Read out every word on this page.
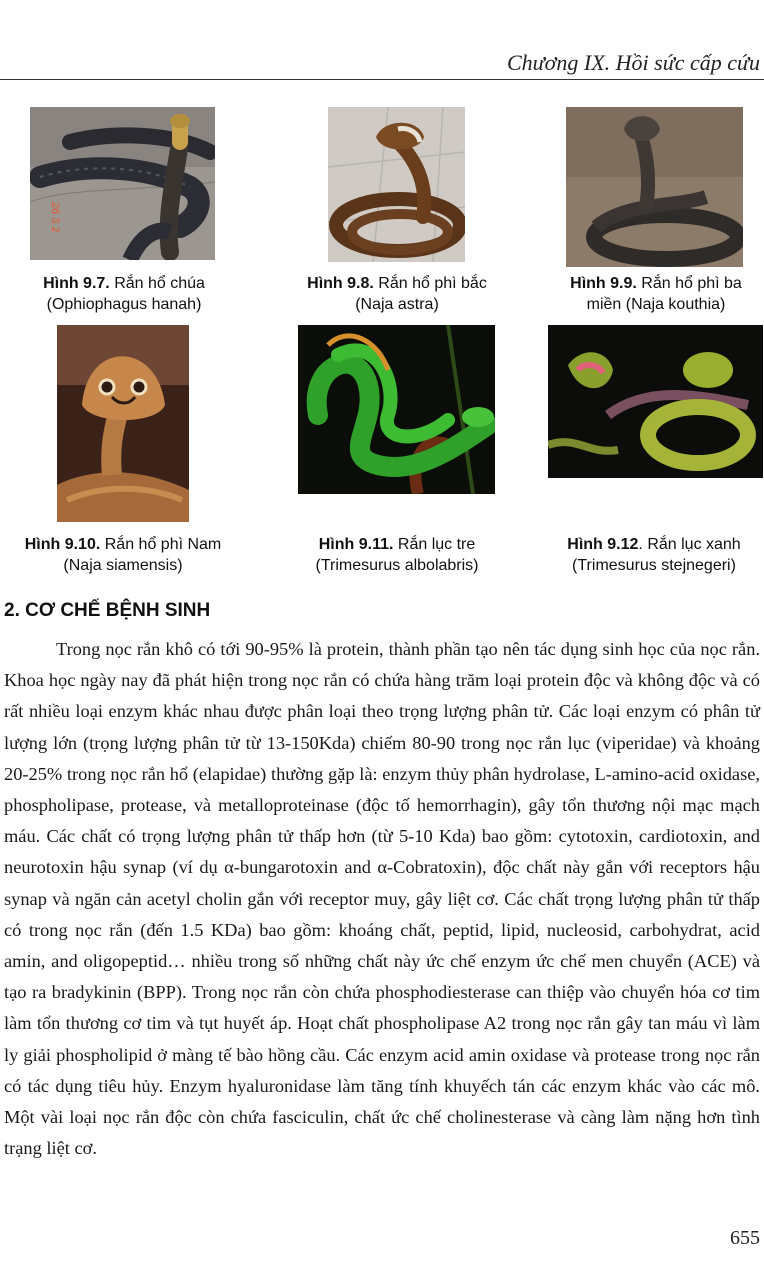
Chương IX. Hồi sức cấp cứu
26 3 2
Hình 9.7. Rắn hổ chúa
(Ophiophagus hanah)
Hình 9.8. Rắn hổ phì bắc
(Naja astra)
Hình 9.9. Rắn hổ phì ba
miền (Naja kouthia)
Hình 9.10. Rắn hổ phì Nam
(Naja siamensis)
Hình 9.11. Rắn lục tre
(Trimesurus albolabris)
Hình 9.12. Rắn lục xanh
(Trimesurus stejnegeri)
2. CƠ CHẾ BỆNH SINH

Trong nọc rắn khô có tới 90-95% là protein, thành phần tạo nên tác dụng sinh học của nọc rắn. Khoa học ngày nay đã phát hiện trong nọc rắn có chứa hàng trăm loại protein độc và không độc và có rất nhiều loại enzym khác nhau được phân loại theo trọng lượng phân tử. Các loại enzym có phân tử lượng lớn (trọng lượng phân tử từ 13-150Kda) chiếm 80-90 trong nọc rắn lục (viperidae) và khoảng 20-25% trong nọc rắn hổ (elapidae) thường gặp là: enzym thủy phân hydrolase, L-amino-acid oxidase, phospholipase, protease, và metalloproteinase (độc tố hemorrhagin), gây tổn thương nội mạc mạch máu. Các chất có trọng lượng phân tử thấp hơn (từ 5-10 Kda) bao gồm: cytotoxin, cardiotoxin, and neurotoxin hậu synap (ví dụ α-bungarotoxin and α-Cobratoxin), độc chất này gắn với receptors hậu synap và ngăn cản acetyl cholin gắn với receptor muy, gây liệt cơ. Các chất trọng lượng phân tử thấp có trong nọc rắn (đến 1.5 KDa) bao gồm: khoáng chất, peptid, lipid, nucleosid, carbohydrat, acid amin, and oligopeptid… nhiều trong số những chất này ức chế enzym ức chế men chuyển (ACE) và tạo ra bradykinin (BPP). Trong nọc rắn còn chứa phosphodiesterase can thiệp vào chuyển hóa cơ tim làm tổn thương cơ tim và tụt huyết áp. Hoạt chất phospholipase A2 trong nọc rắn gây tan máu vì làm ly giải phospholipid ở màng tế bào hồng cầu. Các enzym acid amin oxidase và protease trong nọc rắn có tác dụng tiêu hủy. Enzym hyaluronidase làm tăng tính khuyếch tán các enzym khác vào các mô. Một vài loại nọc rắn độc còn chứa fasciculin, chất ức chế cholinesterase và càng làm nặng hơn tình trạng liệt cơ.

655
